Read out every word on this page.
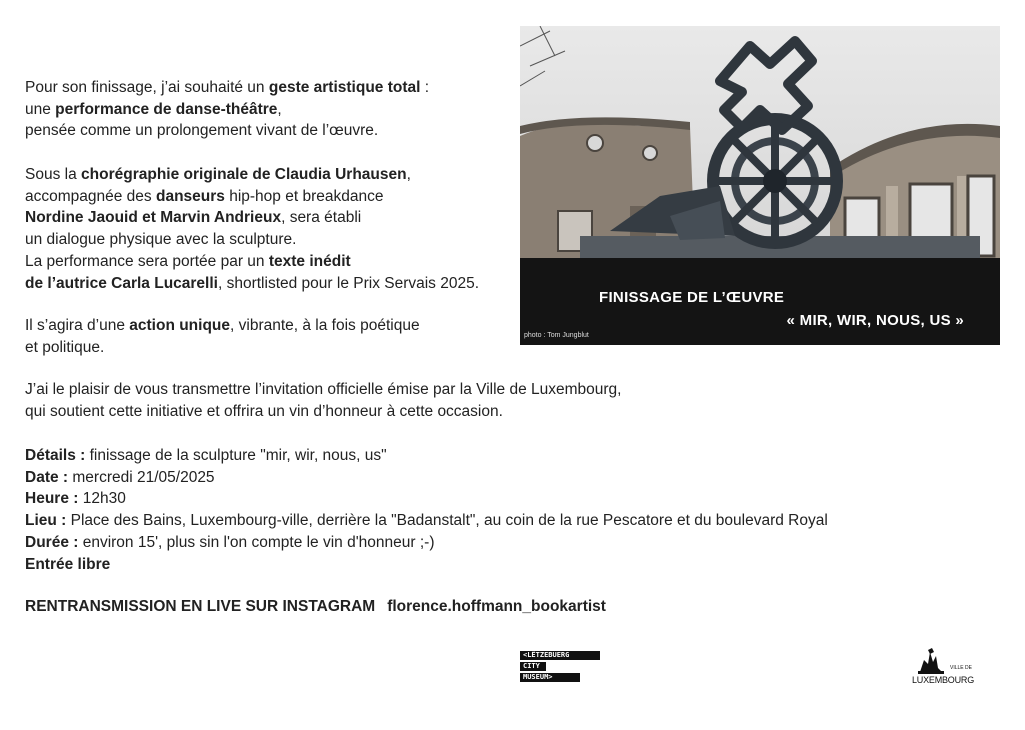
Pour son finissage, j’ai souhaité un geste artistique total :
une performance de danse-théâtre,
pensée comme un prolongement vivant de l’œuvre.
Sous la chorégraphie originale de Claudia Urhausen,
accompagnée des danseurs hip-hop et breakdance
Nordine Jaouid et Marvin Andrieux, sera établi
un dialogue physique avec la sculpture.
La performance sera portée par un texte inédit
de l’autrice Carla Lucarelli, shortlisted pour le Prix Servais 2025.
Il s’agira d’une action unique, vibrante, à la fois poétique
et politique.
J’ai le plaisir de vous transmettre l’invitation officielle émise par la Ville de Luxembourg,
qui soutient cette initiative et offrira un vin d’honneur à cette occasion.
Détails : finissage de la sculpture "mir, wir, nous, us"
Date : mercredi 21/05/2025
Heure : 12h30
Lieu : Place des Bains, Luxembourg-ville, derrière la "Badanstalt", au coin de la rue Pescatore et du boulevard Royal
Durée : environ 15', plus sin l'on compte le vin d'honneur ;-)
Entrée libre
RENTRANSMISSION EN LIVE SUR INSTAGRAM florence.hoffmann_bookartist
FINISSAGE DE L’ŒUVRE
« MIR, WIR, NOUS, US »
photo : Tom Jungblut
<LËTZEBUERG
CITY
MUSEUM>
VILLE DE
LUXEMBOURG
